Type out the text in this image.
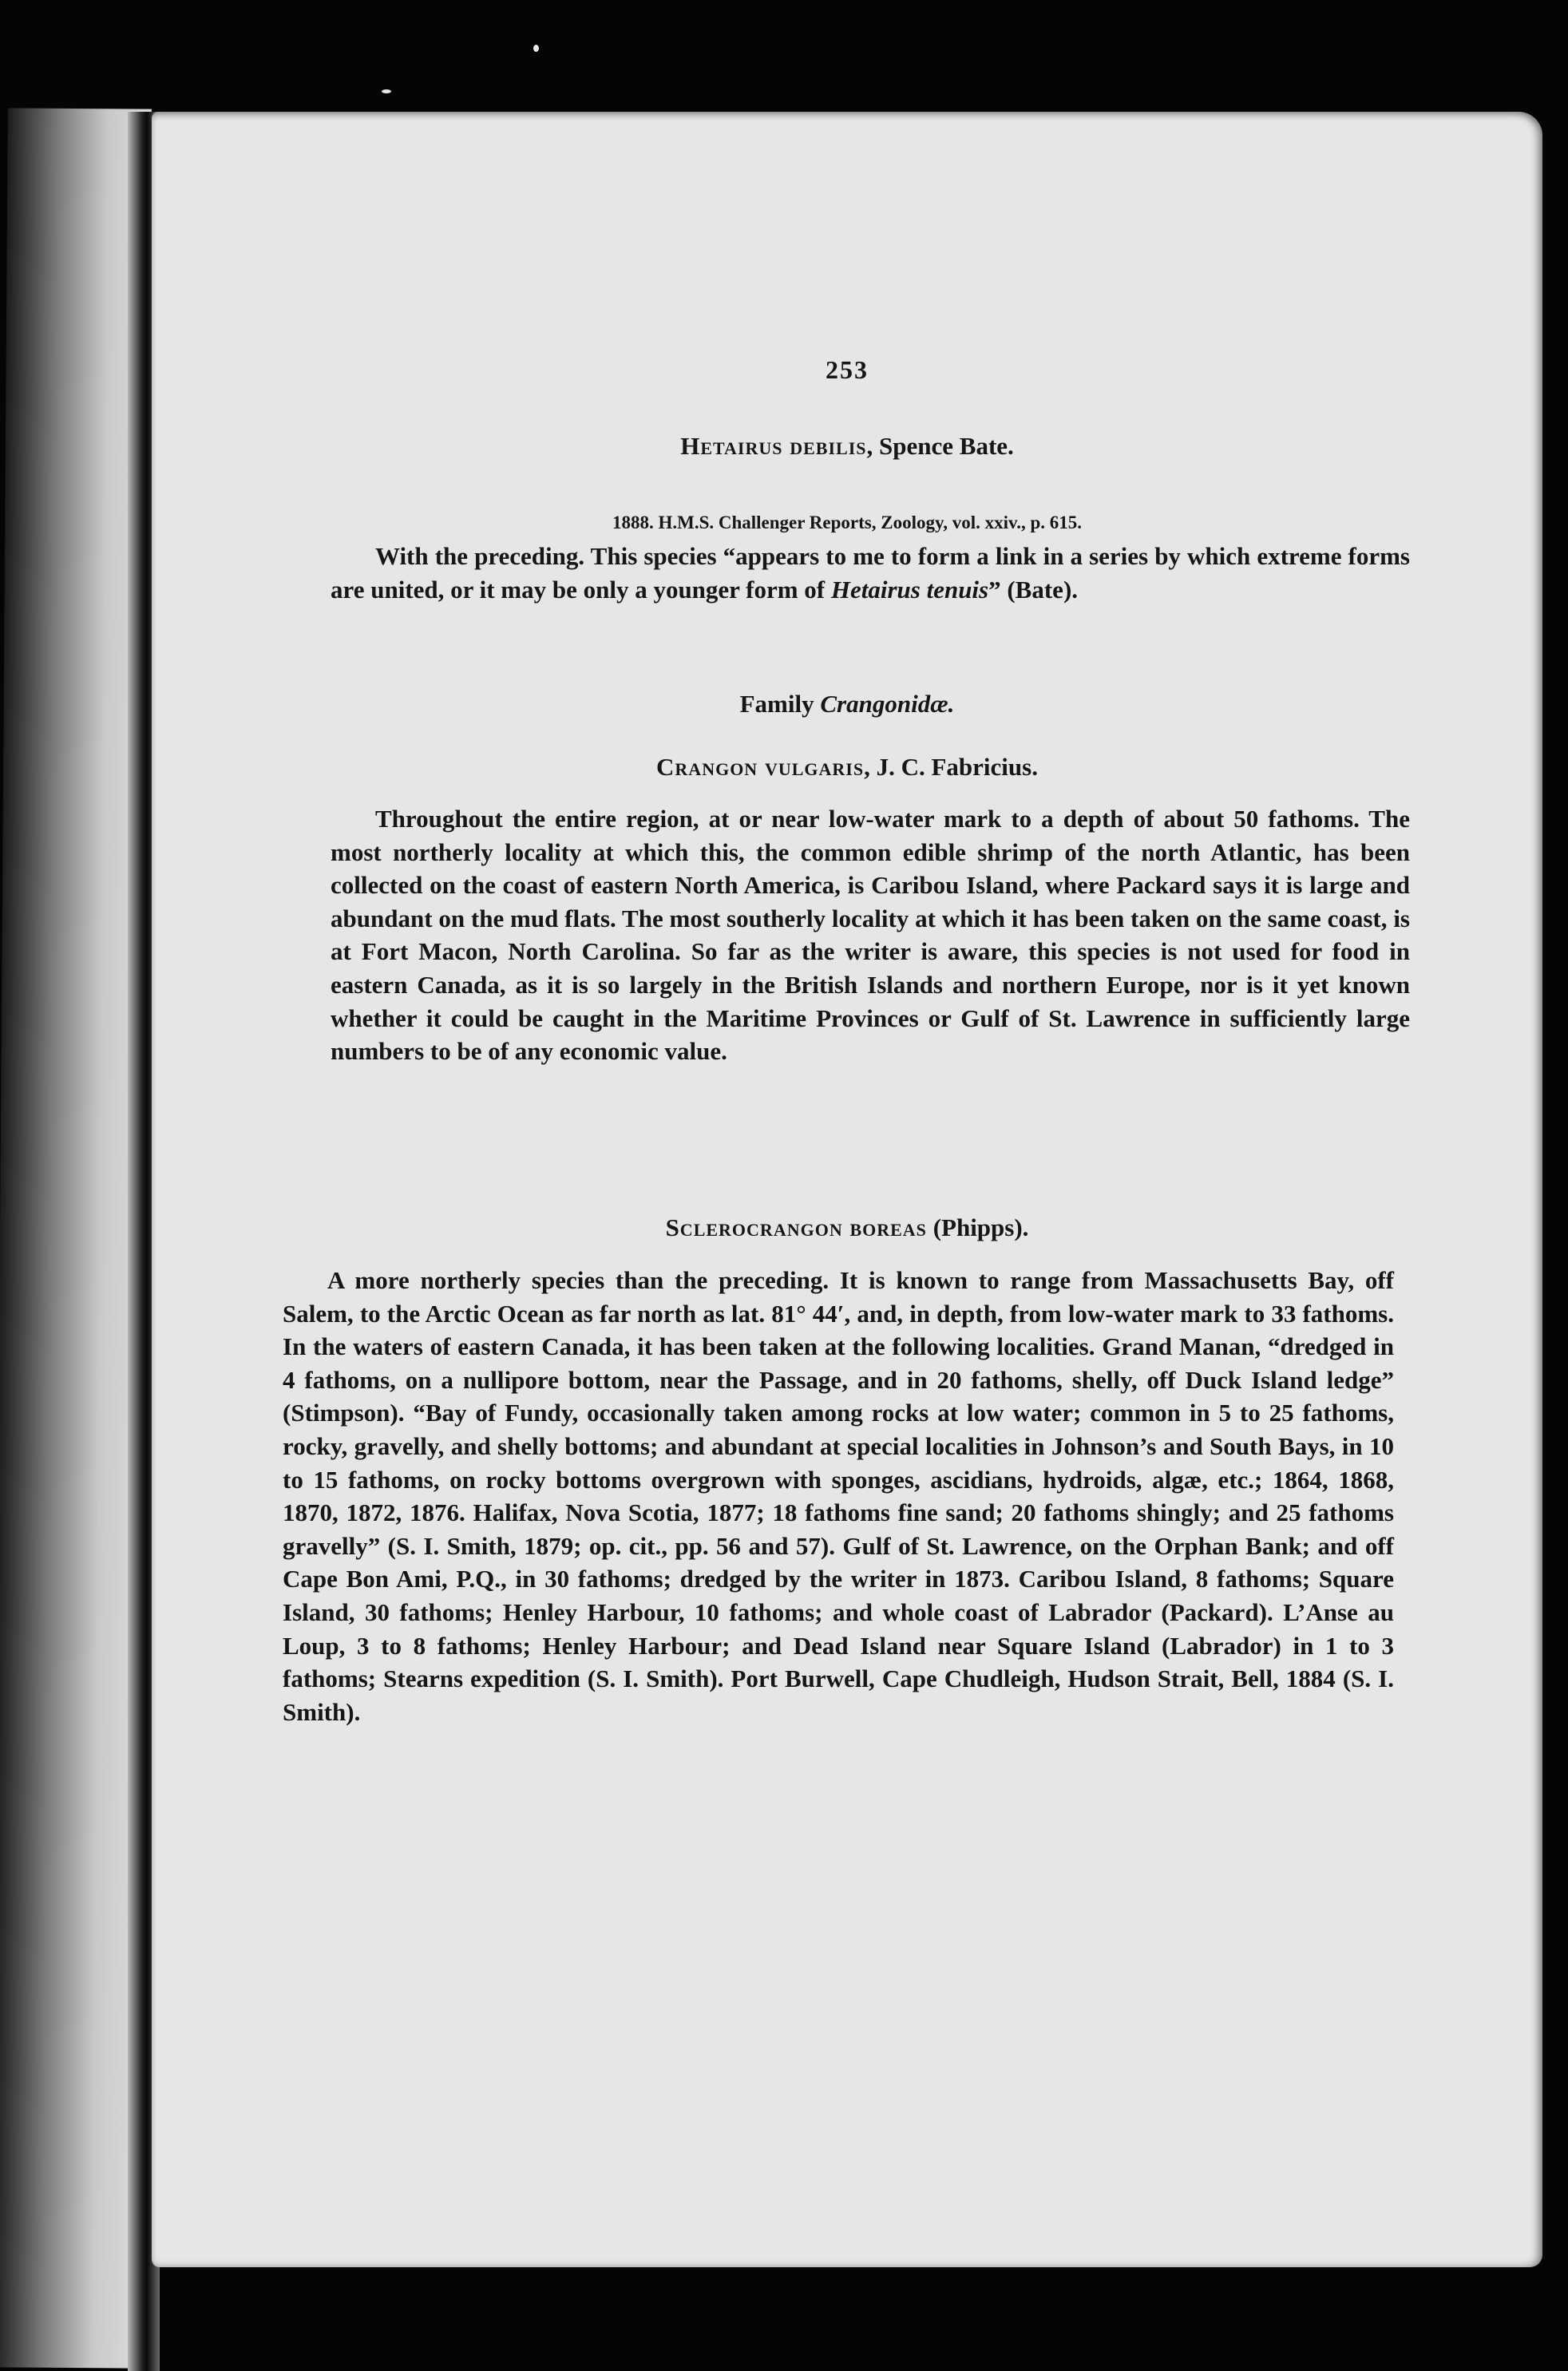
253
Hetairus debilis, Spence Bate.
1888. H.M.S. Challenger Reports, Zoology, vol. xxiv., p. 615.

With the preceding. This species “appears to me to form a link in a series by which extreme forms are united, or it may be only a younger form of Hetairus tenuis” (Bate).

Family Crangonidæ.
Crangon vulgaris, J. C. Fabricius.

Throughout the entire region, at or near low-water mark to a depth of about 50 fathoms. The most northerly locality at which this, the common edible shrimp of the north Atlantic, has been collected on the coast of eastern North America, is Caribou Island, where Packard says it is large and abundant on the mud flats. The most southerly locality at which it has been taken on the same coast, is at Fort Macon, North Carolina. So far as the writer is aware, this species is not used for food in eastern Canada, as it is so largely in the British Islands and northern Europe, nor is it yet known whether it could be caught in the Maritime Provinces or Gulf of St. Lawrence in sufficiently large numbers to be of any economic value.

Sclerocrangon boreas (Phipps).

A more northerly species than the preceding. It is known to range from Massachusetts Bay, off Salem, to the Arctic Ocean as far north as lat. 81° 44′, and, in depth, from low-water mark to 33 fathoms. In the waters of eastern Canada, it has been taken at the following localities. Grand Manan, “dredged in 4 fathoms, on a nullipore bottom, near the Passage, and in 20 fathoms, shelly, off Duck Island ledge” (Stimpson). “Bay of Fundy, occasionally taken among rocks at low water; common in 5 to 25 fathoms, rocky, gravelly, and shelly bottoms; and abundant at special localities in Johnson’s and South Bays, in 10 to 15 fathoms, on rocky bottoms overgrown with sponges, ascidians, hydroids, algæ, etc.; 1864, 1868, 1870, 1872, 1876. Halifax, Nova Scotia, 1877; 18 fathoms fine sand; 20 fathoms shingly; and 25 fathoms gravelly” (S. I. Smith, 1879; op. cit., pp. 56 and 57). Gulf of St. Lawrence, on the Orphan Bank; and off Cape Bon Ami, P.Q., in 30 fathoms; dredged by the writer in 1873. Caribou Island, 8 fathoms; Square Island, 30 fathoms; Henley Harbour, 10 fathoms; and whole coast of Labrador (Packard). L’Anse au Loup, 3 to 8 fathoms; Henley Harbour; and Dead Island near Square Island (Labrador) in 1 to 3 fathoms; Stearns expedition (S. I. Smith). Port Burwell, Cape Chudleigh, Hudson Strait, Bell, 1884 (S. I. Smith).
